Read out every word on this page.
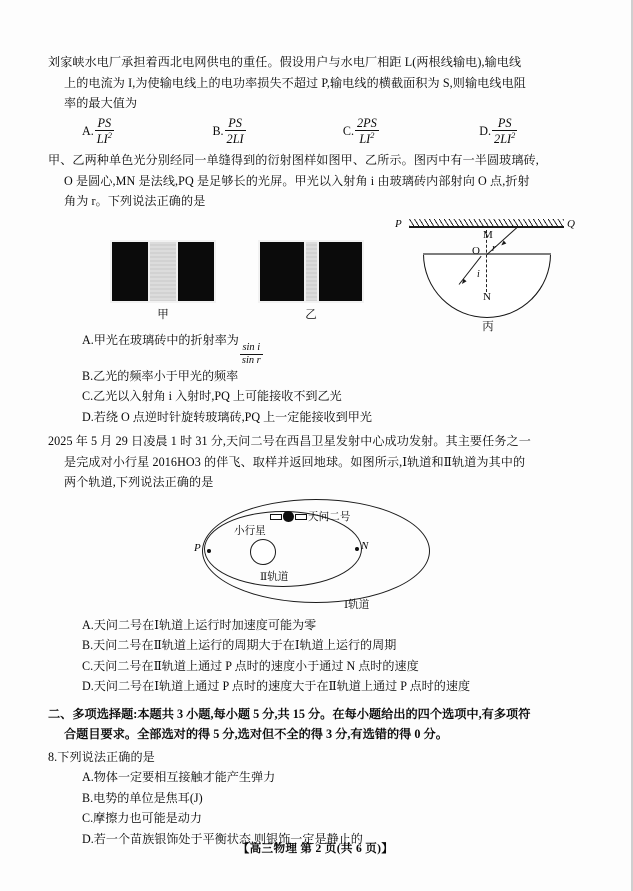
刘家峡水电厂承担着西北电网供电的重任。假设用户与水电厂相距 L(两根线输电),输电线
上的电流为 I,为使输电线上的电功率损失不超过 P,输电线的横截面积为 S,则输电线电阻
率的最大值为
A. $\frac{PS}{LI^2}$	B. $\frac{PS}{2LI}$	C. $\frac{2PS}{LI^2}$	D. $\frac{PS}{2LI^2}$
甲、乙两种单色光分别经同一单缝得到的衍射图样如图甲、乙所示。图丙中有一半圆玻璃砖,
O 是圆心,MN 是法线,PQ 是足够长的光屏。甲光以入射角 i 由玻璃砖内部射向 O 点,折射
角为 r。下列说法正确的是
甲	乙
P	Q
M
N
O r
i
丙
A.甲光在玻璃砖中的折射率为
$\frac{\text{sin i}}{\text{sin r}}$
B.乙光的频率小于甲光的频率
C.乙光以入射角 i 入射时,PQ 上可能接收不到乙光
D.若绕 O 点逆时针旋转玻璃砖,PQ 上一定能接收到甲光
2025 年 5 月 29 日凌晨 1 时 31 分,天问二号在西昌卫星发射中心成功发射。其主要任务之一
是完成对小行星 2016HO3 的伴飞、取样并返回地球。如图所示,Ⅰ轨道和Ⅱ轨道为其中的
两个轨道,下列说法正确的是
小行星
天问二号
P	N
Ⅱ轨道
Ⅰ轨道
A.天问二号在Ⅰ轨道上运行时加速度可能为零
B.天问二号在Ⅱ轨道上运行的周期大于在Ⅰ轨道上运行的周期
C.天问二号在Ⅱ轨道上通过 P 点时的速度小于通过 N 点时的速度
D.天问二号在Ⅰ轨道上通过 P 点时的速度大于在Ⅱ轨道上通过 P 点时的速度
二、多项选择题:本题共 3 小题,每小题 5 分,共 15 分。在每小题给出的四个选项中,有多项符
合题目要求。全部选对的得 5 分,选对但不全的得 3 分,有选错的得 0 分。
8.下列说法正确的是
A.物体一定要相互接触才能产生弹力
B.电势的单位是焦耳(J)
C.摩擦力也可能是动力
D.若一个苗族银饰处于平衡状态,则银饰一定是静止的
【高三物理 第 2 页(共 6 页)】
